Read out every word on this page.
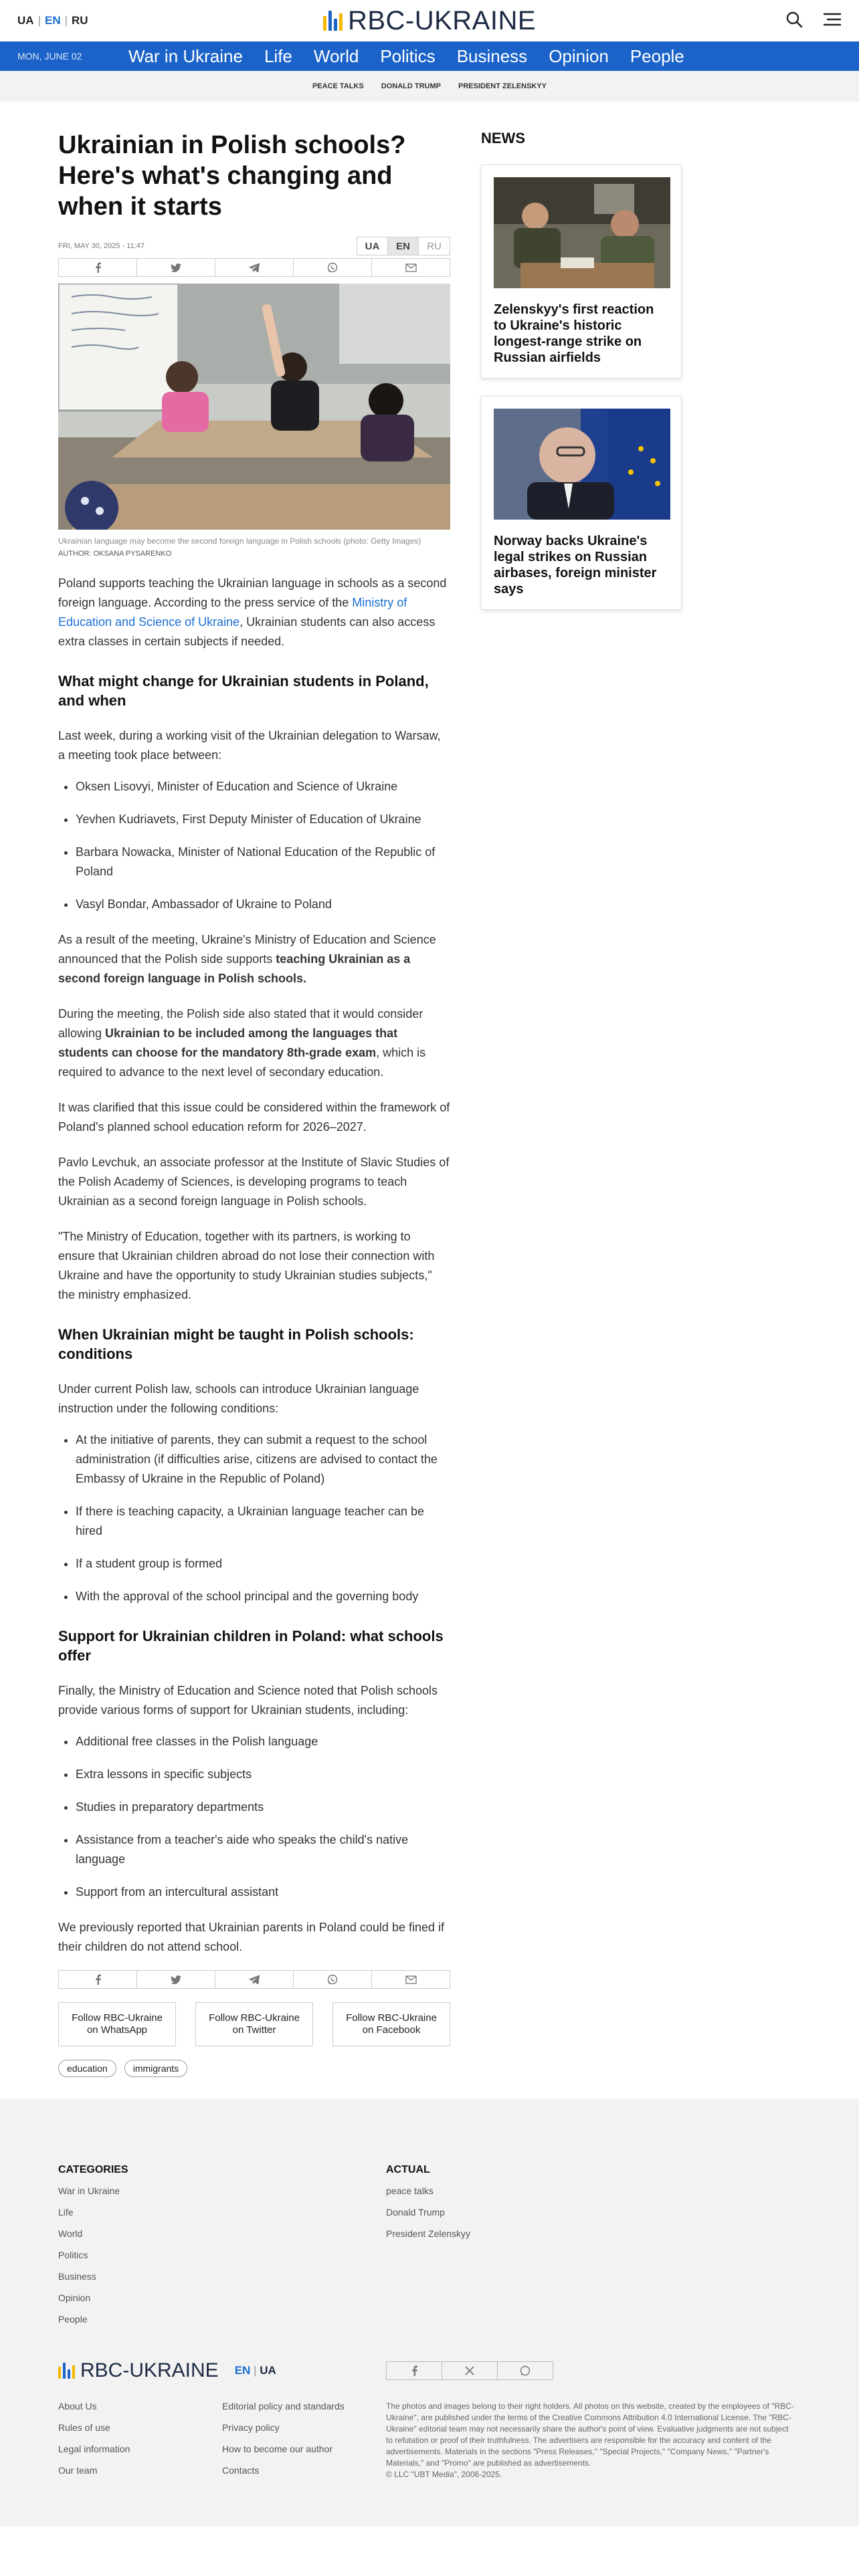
UA | EN | RU	RBC-UKRAINE
MON, JUNE 02	War in Ukraine Life World Politics Business Opinion People
PEACE TALKS DONALD TRUMP PRESIDENT ZELENSKYY
Ukrainian in Polish schools? Here's what's changing and when it starts
FRI, MAY 30, 2025 - 11:47	UA	EN	RU

Ukrainian language may become the second foreign language in Polish schools (photo: Getty Images)

AUTHOR: OKSANA PYSARENKO

Poland supports teaching the Ukrainian language in schools as a second foreign language. According to the press service of the Ministry of Education and Science of Ukraine, Ukrainian students can also access extra classes in certain subjects if needed.

What might change for Ukrainian students in Poland, and when

Last week, during a working visit of the Ukrainian delegation to Warsaw, a meeting took place between:

• Oksen Lisovyi, Minister of Education and Science of Ukraine
• Yevhen Kudriavets, First Deputy Minister of Education of Ukraine
• Barbara Nowacka, Minister of National Education of the Republic of Poland
• Vasyl Bondar, Ambassador of Ukraine to Poland

As a result of the meeting, Ukraine's Ministry of Education and Science announced that the Polish side supports teaching Ukrainian as a second foreign language in Polish schools.

During the meeting, the Polish side also stated that it would consider allowing Ukrainian to be included among the languages that students can choose for the mandatory 8th-grade exam, which is required to advance to the next level of secondary education.

It was clarified that this issue could be considered within the framework of Poland's planned school education reform for 2026–2027.

Pavlo Levchuk, an associate professor at the Institute of Slavic Studies of the Polish Academy of Sciences, is developing programs to teach Ukrainian as a second foreign language in Polish schools.

"The Ministry of Education, together with its partners, is working to ensure that Ukrainian children abroad do not lose their connection with Ukraine and have the opportunity to study Ukrainian studies subjects," the ministry emphasized.

When Ukrainian might be taught in Polish schools: conditions

Under current Polish law, schools can introduce Ukrainian language instruction under the following conditions:

• At the initiative of parents, they can submit a request to the school administration (if difficulties arise, citizens are advised to contact the Embassy of Ukraine in the Republic of Poland)
• If there is teaching capacity, a Ukrainian language teacher can be hired
• If a student group is formed
• With the approval of the school principal and the governing body
Support for Ukrainian children in Poland: what schools offer

Finally, the Ministry of Education and Science noted that Polish schools provide various forms of support for Ukrainian students, including:

• Additional free classes in the Polish language
• Extra lessons in specific subjects
• Studies in preparatory departments
• Assistance from a teacher's aide who speaks the child's native language
• Support from an intercultural assistant

We previously reported that Ukrainian parents in Poland could be fined if their children do not attend school.

Follow RBC-Ukraine on WhatsApp
Follow RBC-Ukraine on Twitter
Follow RBC-Ukraine on Facebook
education	immigrants
NEWS
Zelenskyy's first reaction to Ukraine's historic longest-range strike on Russian airfields
Norway backs Ukraine's legal strikes on Russian airbases, foreign minister says
CATEGORIES
War in Ukraine
Life
World
Politics
Business
Opinion
People
ACTUAL
peace talks
Donald Trump
President Zelenskyy
RBC-UKRAINE EN | UA
About Us
Rules of use
Legal information
Our team
Editorial policy and standards
Privacy policy
How to become our author
Contacts
The photos and images belong to their right holders. All photos on this website, created by the employees of "RBC-Ukraine", are published under the terms of the Creative Commons Attribution 4.0 International License. The "RBC-Ukraine" editorial team may not necessarily share the author's point of view. Evaluative judgments are not subject to refutation or proof of their truthfulness. The advertisers are responsible for the accuracy and content of the advertisements. Materials in the sections "Press Releases," "Special Projects," "Company News," "Partner's Materials," and "Promo" are published as advertisements.
© LLC "UBT Media", 2006-2025.
